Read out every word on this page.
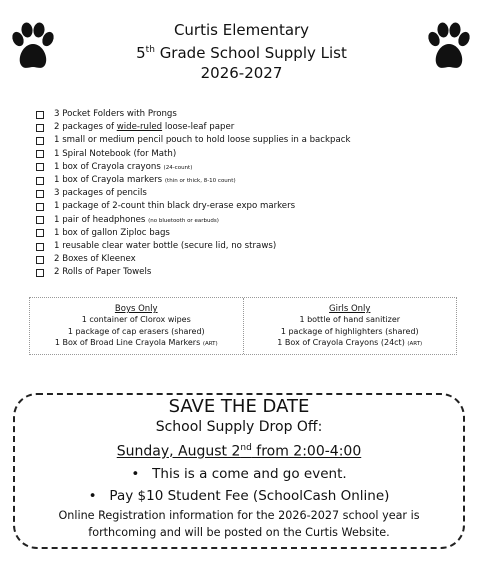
Curtis Elementary
5th Grade School Supply List
2026-2027
3 Pocket Folders with Prongs
2 packages of wide-ruled loose-leaf paper
1 small or medium pencil pouch to hold loose supplies in a backpack
1 Spiral Notebook (for Math)
1 box of Crayola crayons (24-count)
1 box of Crayola markers (thin or thick, 8-10 count)
3 packages of pencils
1 package of 2-count thin black dry-erase expo markers
1 pair of headphones (no bluetooth or earbuds)
1 box of gallon Ziploc bags
1 reusable clear water bottle (secure lid, no straws)
2 Boxes of Kleenex
2 Rolls of Paper Towels
Boys Only
1 container of Clorox wipes
1 package of cap erasers (shared)
1 Box of Broad Line Crayola Markers (ART)
Girls Only
1 bottle of hand sanitizer
1 package of highlighters (shared)
1 Box of Crayola Crayons (24ct) (ART)
SAVE THE DATE
School Supply Drop Off:
Sunday, August 2nd from 2:00-4:00
• This is a come and go event.
• Pay $10 Student Fee (SchoolCash Online)
Online Registration information for the 2026-2027 school year is
forthcoming and will be posted on the Curtis Website.
